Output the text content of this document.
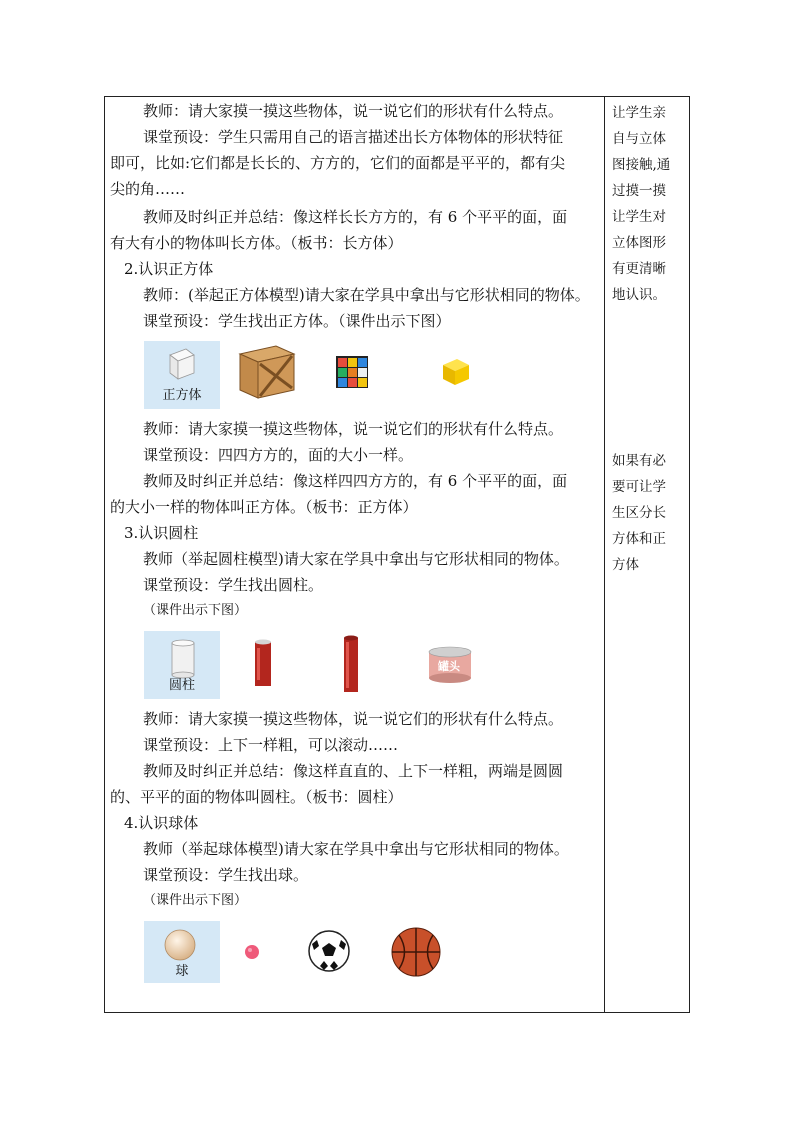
教师：请大家摸一摸这些物体，说一说它们的形状有什么特点。
课堂预设：学生只需用自己的语言描述出长方体物体的形状特征
即可，比如:它们都是长长的、方方的，它们的面都是平平的，都有尖
尖的角……
教师及时纠正并总结：像这样长长方方的，有 6 个平平的面，面
有大有小的物体叫长方体。（板书：长方体）
2.认识正方体
教师：(举起正方体模型)请大家在学具中拿出与它形状相同的物体。
课堂预设：学生找出正方体。（课件出示下图）
正方体
教师：请大家摸一摸这些物体，说一说它们的形状有什么特点。
课堂预设：四四方方的，面的大小一样。
教师及时纠正并总结：像这样四四方方的，有 6 个平平的面，面
的大小一样的物体叫正方体。（板书：正方体）
3.认识圆柱
教师（举起圆柱模型)请大家在学具中拿出与它形状相同的物体。
课堂预设：学生找出圆柱。
（课件出示下图）
圆柱
罐头
教师：请大家摸一摸这些物体，说一说它们的形状有什么特点。
课堂预设：上下一样粗，可以滚动……
教师及时纠正并总结：像这样直直的、上下一样粗，两端是圆圆
的、平平的面的物体叫圆柱。（板书：圆柱）
4.认识球体
教师（举起球体模型)请大家在学具中拿出与它形状相同的物体。
课堂预设：学生找出球。
（课件出示下图）
球
让学生亲
自与立体
图接触,通
过摸一摸
让学生对
立体图形
有更清晰
地认识。
如果有必
要可让学
生区分长
方体和正
方体
